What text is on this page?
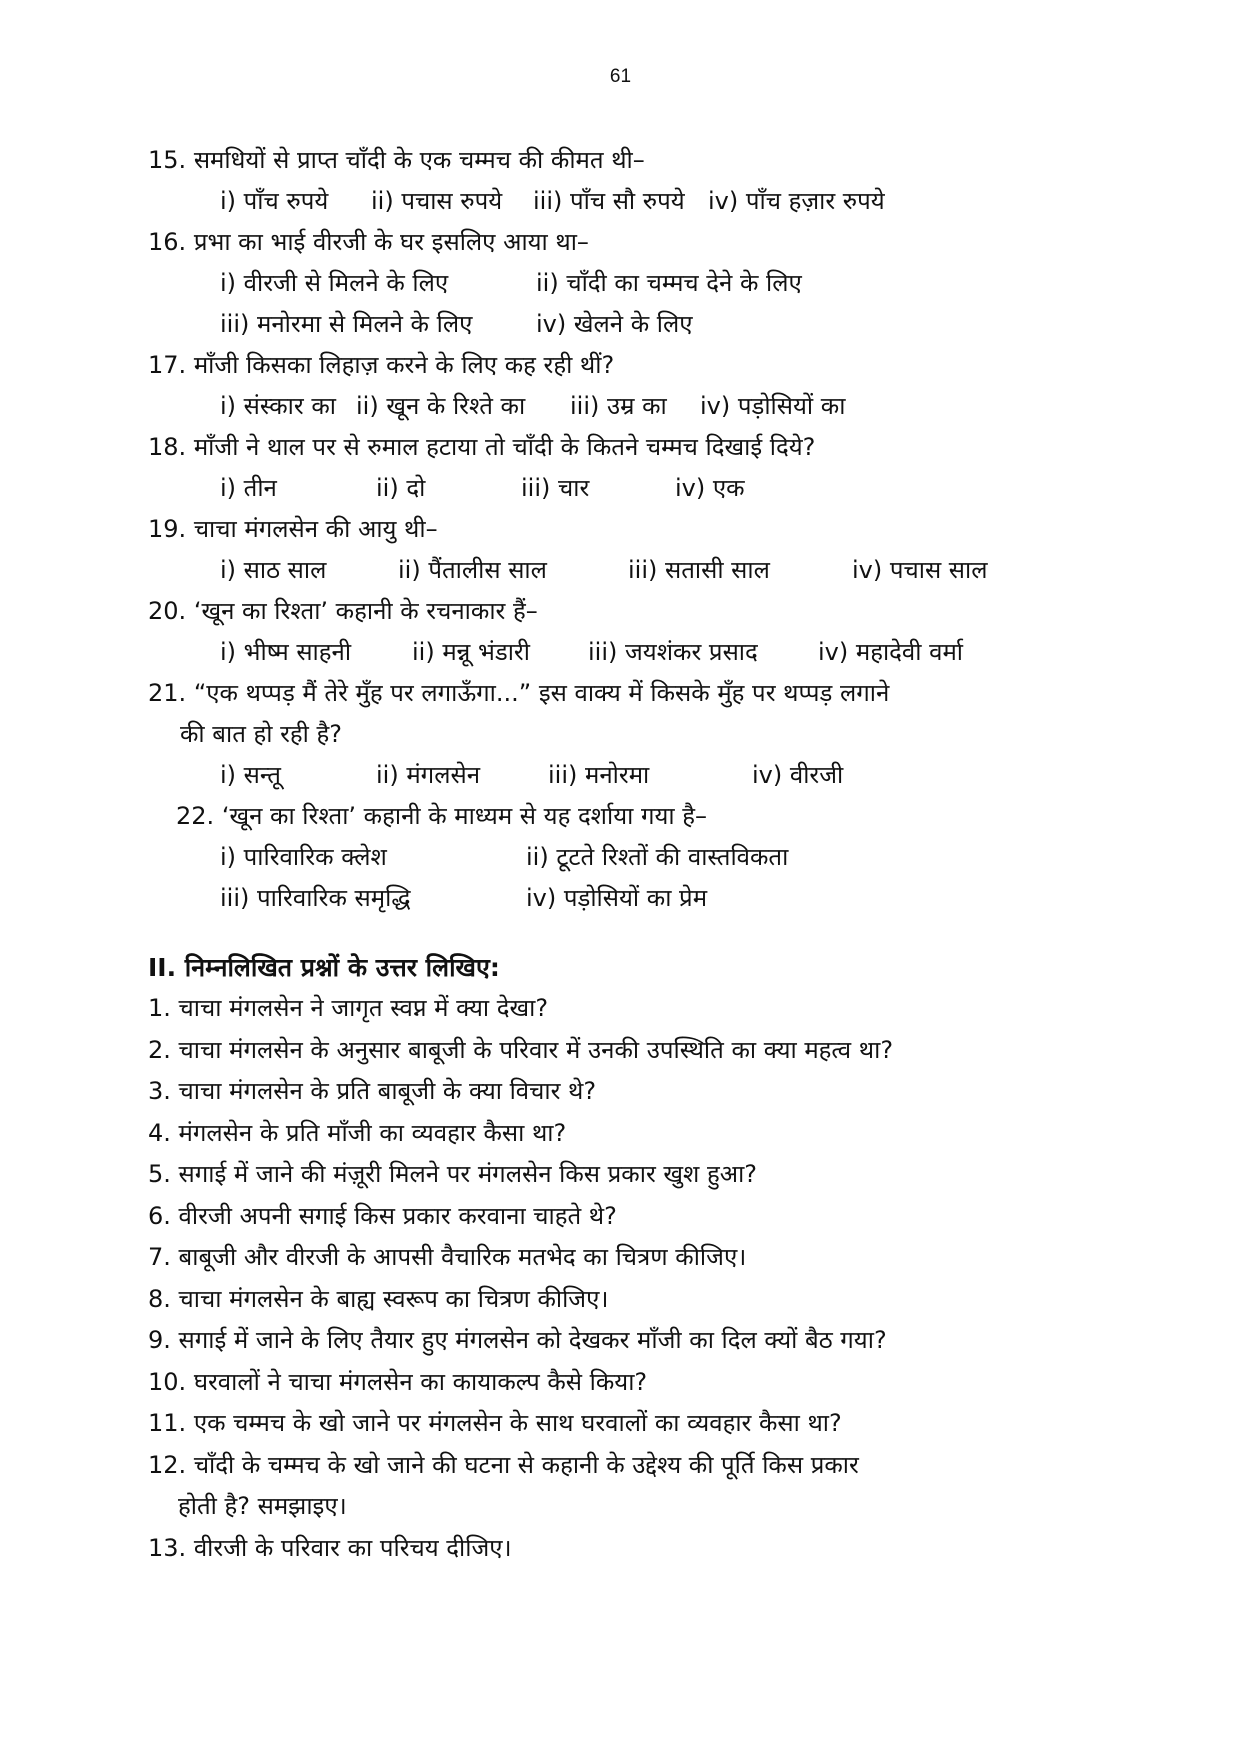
61
15. समधियों से प्राप्त चाँदी के एक चम्मच की कीमत थी–
i) पाँच रुपये ii) पचास रुपये iii) पाँच सौ रुपये iv) पाँच हज़ार रुपये
16. प्रभा का भाई वीरजी के घर इसलिए आया था–
i) वीरजी से मिलने के लिए	ii) चाँदी का चम्मच देने के लिए
iii) मनोरमा से मिलने के लिए	iv) खेलने के लिए
17. माँजी किसका लिहाज़ करने के लिए कह रही थीं?
i) संस्कार का ii) खून के रिश्ते का iii) उम्र का iv) पड़ोसियों का
18. माँजी ने थाल पर से रुमाल हटाया तो चाँदी के कितने चम्मच दिखाई दिये?
i) तीन	ii) दो	iii) चार	iv) एक
19. चाचा मंगलसेन की आयु थी–
i) साठ साल	ii) पैंतालीस साल	iii) सतासी साल	iv) पचास साल
20. ‘खून का रिश्ता’ कहानी के रचनाकार हैं–
i) भीष्म साहनी	ii) मन्नू भंडारी iii) जयशंकर प्रसाद	iv) महादेवी वर्मा
21. “एक थप्पड़ मैं तेरे मुँह पर लगाऊँगा...” इस वाक्य में किसके मुँह पर थप्पड़ लगाने
की बात हो रही है?
i) सन्तू	ii) मंगलसेन	iii) मनोरमा	iv) वीरजी
22. ‘खून का रिश्ता’ कहानी के माध्यम से यह दर्शाया गया है–
i) पारिवारिक क्लेश	ii) टूटते रिश्तों की वास्तविकता
iii) पारिवारिक समृद्धि	iv) पड़ोसियों का प्रेम
II. निम्नलिखित प्रश्नों के उत्तर लिखिए:
1. चाचा मंगलसेन ने जागृत स्वप्न में क्या देखा?
2. चाचा मंगलसेन के अनुसार बाबूजी के परिवार में उनकी उपस्थिति का क्या महत्व था?
3. चाचा मंगलसेन के प्रति बाबूजी के क्या विचार थे?
4. मंगलसेन के प्रति माँजी का व्यवहार कैसा था?
5. सगाई में जाने की मंज़ूरी मिलने पर मंगलसेन किस प्रकार खुश हुआ?
6. वीरजी अपनी सगाई किस प्रकार करवाना चाहते थे?
7. बाबूजी और वीरजी के आपसी वैचारिक मतभेद का चित्रण कीजिए।
8. चाचा मंगलसेन के बाह्य स्वरूप का चित्रण कीजिए।
9. सगाई में जाने के लिए तैयार हुए मंगलसेन को देखकर माँजी का दिल क्यों बैठ गया?
10. घरवालों ने चाचा मंगलसेन का कायाकल्प कैसे किया?
11. एक चम्मच के खो जाने पर मंगलसेन के साथ घरवालों का व्यवहार कैसा था?
12. चाँदी के चम्मच के खो जाने की घटना से कहानी के उद्देश्य की पूर्ति किस प्रकार
होती है? समझाइए।
13. वीरजी के परिवार का परिचय दीजिए।
